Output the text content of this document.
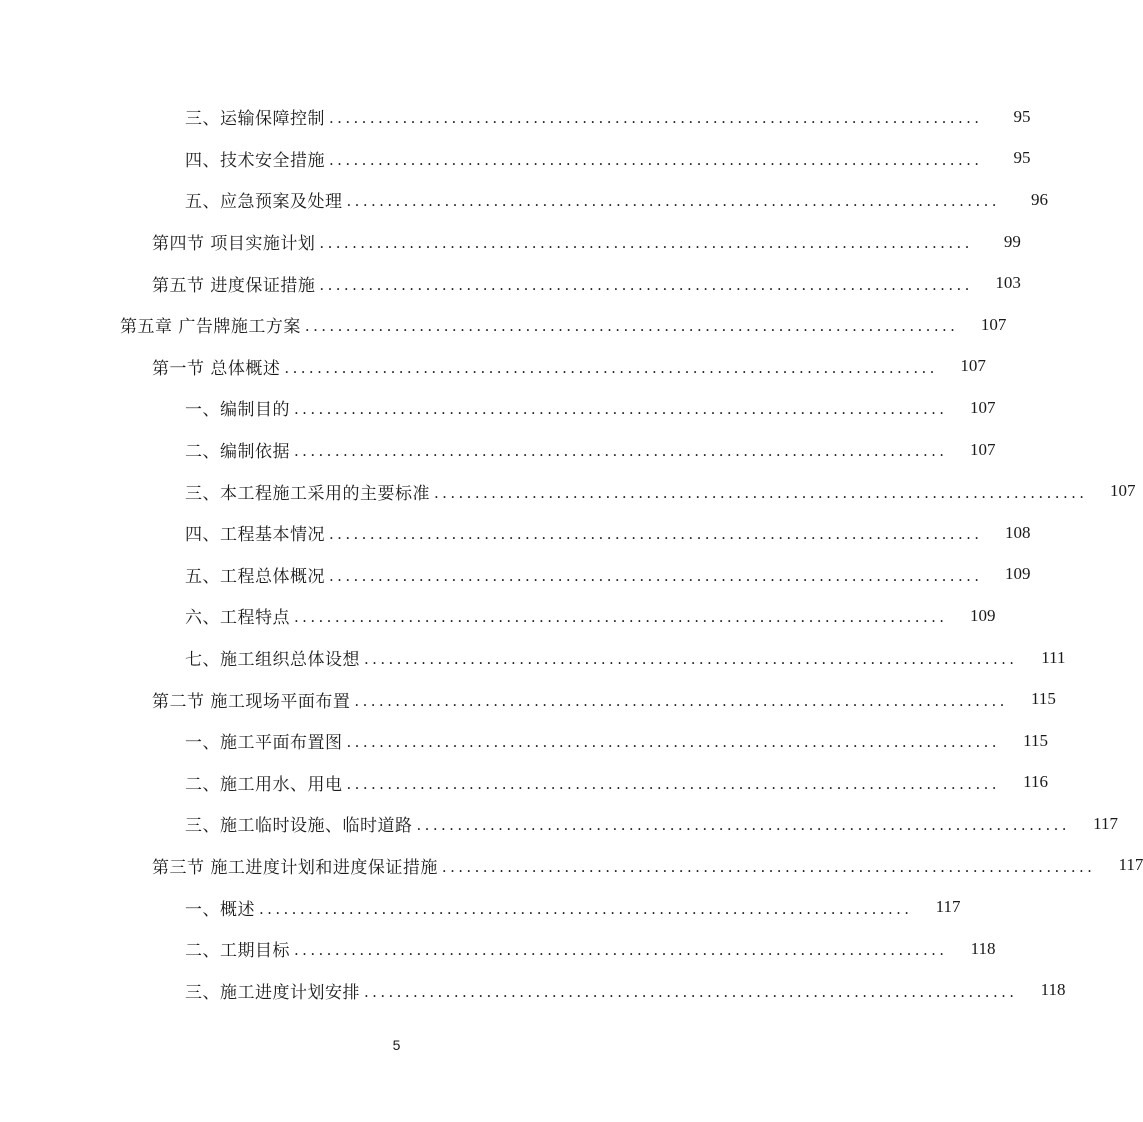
三、运输保障控制 ................................................................................	95
四、技术安全措施 ................................................................................	95
五、应急预案及处理 ................................................................................	96
第四节 项目实施计划 ................................................................................	99
第五节 进度保证措施 ................................................................................	103
第五章 广告牌施工方案 ................................................................................	107
第一节 总体概述 ................................................................................	107
一、编制目的 ................................................................................	107
二、编制依据 ................................................................................	107
三、本工程施工采用的主要标准 ................................................................................	107
四、工程基本情况 ................................................................................	108
五、工程总体概况 ................................................................................	109
六、工程特点 ................................................................................	109
七、施工组织总体设想 ................................................................................	111
第二节 施工现场平面布置 ................................................................................	115
一、施工平面布置图 ................................................................................	115
二、施工用水、用电 ................................................................................	116
三、施工临时设施、临时道路 ................................................................................	117
第三节 施工进度计划和进度保证措施 ................................................................................	117
一、概述 ................................................................................	117
二、工期目标 ................................................................................	118
三、施工进度计划安排 ................................................................................	118
5
